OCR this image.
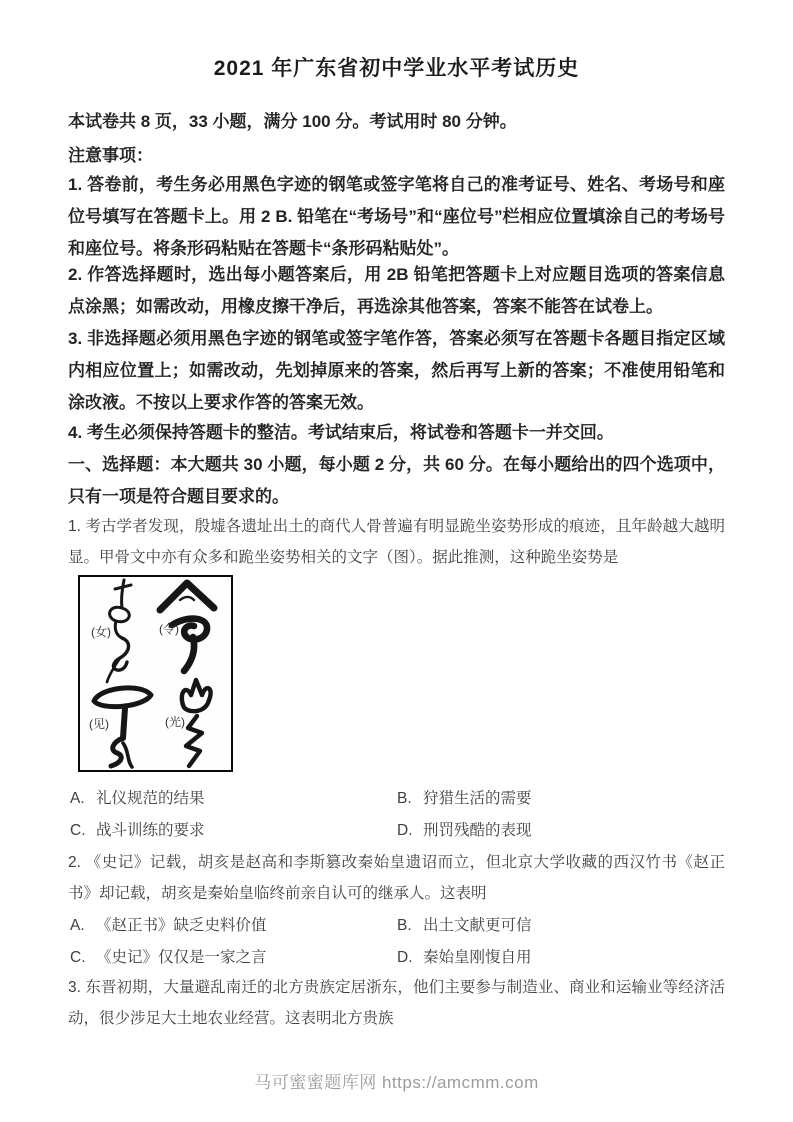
2021 年广东省初中学业水平考试历史

本试卷共 8 页，33 小题，满分 100 分。考试用时 80 分钟。

注意事项：

1. 答卷前，考生务必用黑色字迹的钢笔或签字笔将自己的准考证号、姓名、考场号和座位号填写在答题卡上。用 2 B. 铅笔在“考场号”和“座位号”栏相应位置填涂自己的考场号和座位号。将条形码粘贴在答题卡“条形码粘贴处”。

2. 作答选择题时，选出每小题答案后，用 2B 铅笔把答题卡上对应题目选项的答案信息点涂黑；如需改动，用橡皮擦干净后，再选涂其他答案，答案不能答在试卷上。

3. 非选择题必须用黑色字迹的钢笔或签字笔作答，答案必须写在答题卡各题目指定区域内相应位置上；如需改动，先划掉原来的答案，然后再写上新的答案；不准使用铅笔和涂改液。不按以上要求作答的答案无效。

4. 考生必须保持答题卡的整洁。考试结束后，将试卷和答题卡一并交回。

一、选择题：本大题共 30 小题，每小题 2 分，共 60 分。在每小题给出的四个选项中，只有一项是符合题目要求的。

1. 考古学者发现，殷墟各遗址出土的商代人骨普遍有明显跪坐姿势形成的痕迹，且年龄越大越明显。甲骨文中亦有众多和跪坐姿势相关的文字（图）。据此推测，这种跪坐姿势是

(女)	(令)
(见)	(光)
A. 礼仪规范的结果	B. 狩猎生活的需要
C. 战斗训练的要求	D. 刑罚残酷的表现

2. 《史记》记载，胡亥是赵高和李斯篡改秦始皇遗诏而立，但北京大学收藏的西汉竹书《赵正书》却记载，胡亥是秦始皇临终前亲自认可的继承人。这表明

A. 《赵正书》缺乏史料价值	B. 出土文献更可信
C. 《史记》仅仅是一家之言	D. 秦始皇刚愎自用

3. 东晋初期，大量避乱南迁的北方贵族定居浙东，他们主要参与制造业、商业和运输业等经济活动，很少涉足大土地农业经营。这表明北方贵族

马可蜜蜜题库网 https://amcmm.com
